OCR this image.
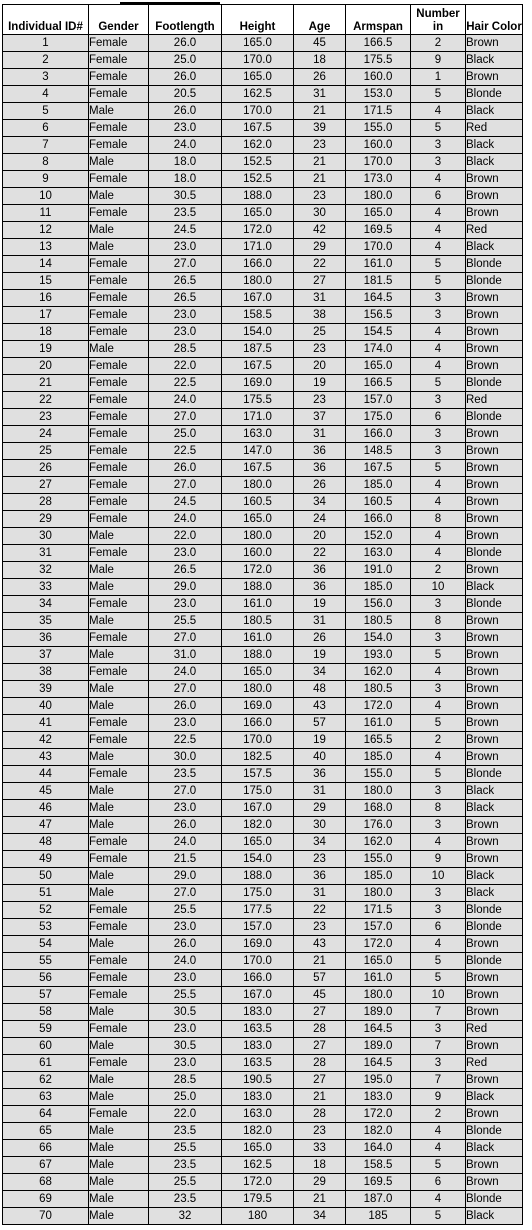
Individual ID#	Gender	Footlength	Height	Age	Armspan	Number in	Hair Color
1	Female	26.0	165.0	45	166.5	2	Brown
2	Female	25.0	170.0	18	175.5	9	Black
3	Female	26.0	165.0	26	160.0	1	Brown
4	Female	20.5	162.5	31	153.0	5	Blonde
5	Male	26.0	170.0	21	171.5	4	Black
6	Female	23.0	167.5	39	155.0	5	Red
7	Female	24.0	162.0	23	160.0	3	Black
8	Male	18.0	152.5	21	170.0	3	Black
9	Female	18.0	152.5	21	173.0	4	Brown
10	Male	30.5	188.0	23	180.0	6	Brown
11	Female	23.5	165.0	30	165.0	4	Brown
12	Male	24.5	172.0	42	169.5	4	Red
13	Male	23.0	171.0	29	170.0	4	Black
14	Female	27.0	166.0	22	161.0	5	Blonde
15	Female	26.5	180.0	27	181.5	5	Blonde
16	Female	26.5	167.0	31	164.5	3	Brown
17	Female	23.0	158.5	38	156.5	3	Brown
18	Female	23.0	154.0	25	154.5	4	Brown
19	Male	28.5	187.5	23	174.0	4	Brown
20	Female	22.0	167.5	20	165.0	4	Brown
21	Female	22.5	169.0	19	166.5	5	Blonde
22	Female	24.0	175.5	23	157.0	3	Red
23	Female	27.0	171.0	37	175.0	6	Blonde
24	Female	25.0	163.0	31	166.0	3	Brown
25	Female	22.5	147.0	36	148.5	3	Brown
26	Female	26.0	167.5	36	167.5	5	Brown
27	Female	27.0	180.0	26	185.0	4	Brown
28	Female	24.5	160.5	34	160.5	4	Brown
29	Female	24.0	165.0	24	166.0	8	Brown
30	Male	22.0	180.0	20	152.0	4	Brown
31	Female	23.0	160.0	22	163.0	4	Blonde
32	Male	26.5	172.0	36	191.0	2	Brown
33	Male	29.0	188.0	36	185.0	10	Black
34	Female	23.0	161.0	19	156.0	3	Blonde
35	Male	25.5	180.5	31	180.5	8	Brown
36	Female	27.0	161.0	26	154.0	3	Brown
37	Male	31.0	188.0	19	193.0	5	Brown
38	Female	24.0	165.0	34	162.0	4	Brown
39	Male	27.0	180.0	48	180.5	3	Brown
40	Male	26.0	169.0	43	172.0	4	Brown
41	Female	23.0	166.0	57	161.0	5	Brown
42	Female	22.5	170.0	19	165.5	2	Brown
43	Male	30.0	182.5	40	185.0	4	Brown
44	Female	23.5	157.5	36	155.0	5	Blonde
45	Male	27.0	175.0	31	180.0	3	Black
46	Male	23.0	167.0	29	168.0	8	Black
47	Male	26.0	182.0	30	176.0	3	Brown
48	Female	24.0	165.0	34	162.0	4	Brown
49	Female	21.5	154.0	23	155.0	9	Brown
50	Male	29.0	188.0	36	185.0	10	Black
51	Male	27.0	175.0	31	180.0	3	Black
52	Female	25.5	177.5	22	171.5	3	Blonde
53	Female	23.0	157.0	23	157.0	6	Blonde
54	Male	26.0	169.0	43	172.0	4	Brown
55	Female	24.0	170.0	21	165.0	5	Blonde
56	Female	23.0	166.0	57	161.0	5	Brown
57	Female	25.5	167.0	45	180.0	10	Brown
58	Male	30.5	183.0	27	189.0	7	Brown
59	Female	23.0	163.5	28	164.5	3	Red
60	Male	30.5	183.0	27	189.0	7	Brown
61	Female	23.0	163.5	28	164.5	3	Red
62	Male	28.5	190.5	27	195.0	7	Brown
63	Male	25.0	183.0	21	183.0	9	Black
64	Female	22.0	163.0	28	172.0	2	Brown
65	Male	23.5	182.0	23	182.0	4	Blonde
66	Male	25.5	165.0	33	164.0	4	Black
67	Male	23.5	162.5	18	158.5	5	Brown
68	Male	25.5	172.0	29	169.5	6	Brown
69	Male	23.5	179.5	21	187.0	4	Blonde
70	Male	32	180	34	185	5	Black
